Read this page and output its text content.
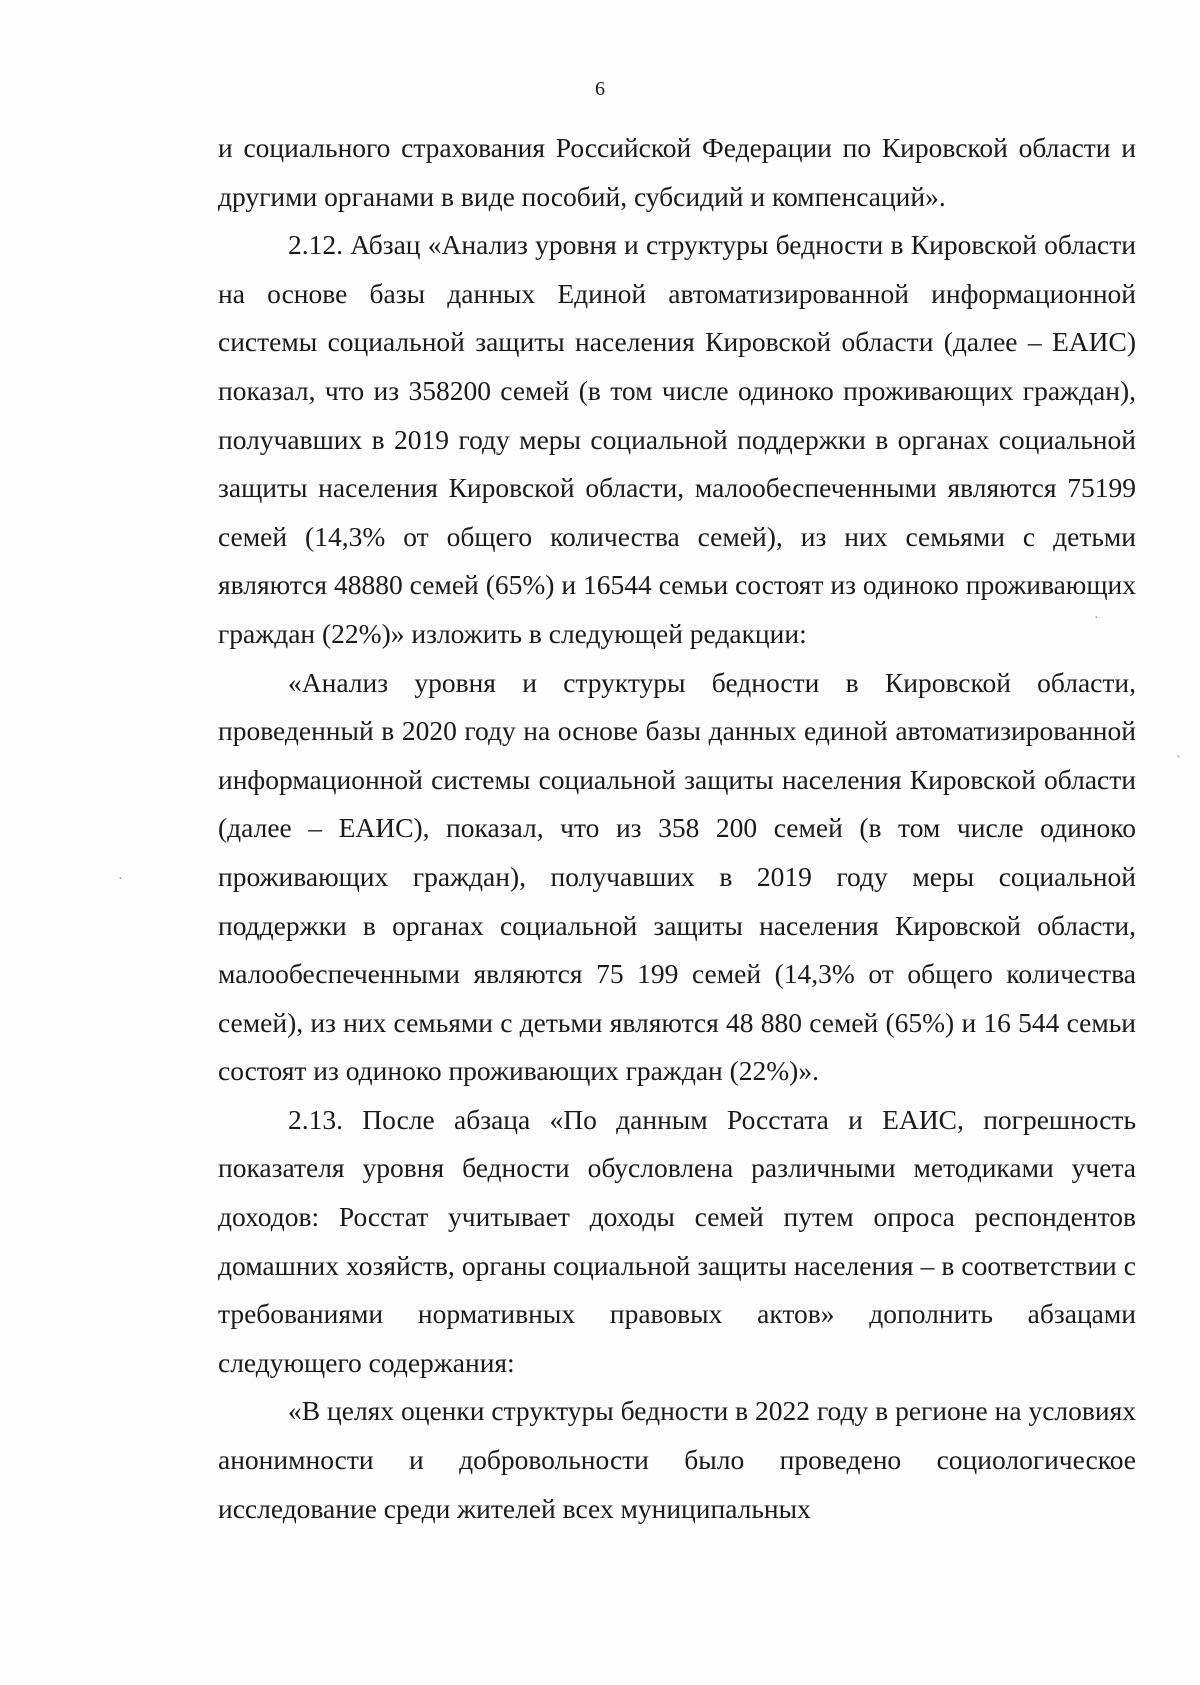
6

и социального страхования Российской Федерации по Кировской области и другими органами в виде пособий, субсидий и компенсаций».

2.12. Абзац «Анализ уровня и структуры бедности в Кировской области на основе базы данных Единой автоматизированной информационной системы социальной защиты населения Кировской области (далее – ЕАИС) показал, что из 358200 семей (в том числе одиноко проживающих граждан), получавших в 2019 году меры социальной поддержки в органах социальной защиты населения Кировской области, малообеспеченными являются 75199 семей (14,3% от общего количества семей), из них семьями с детьми являются 48880 семей (65%) и 16544 семьи состоят из одиноко проживающих граждан (22%)» изложить в следующей редакции:

«Анализ уровня и структуры бедности в Кировской области, проведенный в 2020 году на основе базы данных единой автоматизированной информационной системы социальной защиты населения Кировской области (далее – ЕАИС), показал, что из 358 200 семей (в том числе одиноко проживающих граждан), получавших в 2019 году меры социальной поддержки в органах социальной защиты населения Кировской области, малообеспеченными являются 75 199 семей (14,3% от общего количества семей), из них семьями с детьми являются 48 880 семей (65%) и 16 544 семьи состоят из одиноко проживающих граждан (22%)».

2.13. После абзаца «По данным Росстата и ЕАИС, погрешность показателя уровня бедности обусловлена различными методиками учета доходов: Росстат учитывает доходы семей путем опроса респондентов домашних хозяйств, органы социальной защиты населения – в соответствии с требованиями нормативных правовых актов» дополнить абзацами следующего содержания:

«В целях оценки структуры бедности в 2022 году в регионе на условиях анонимности и добровольности было проведено социологическое исследование среди жителей всех муниципальных

·
`
·
